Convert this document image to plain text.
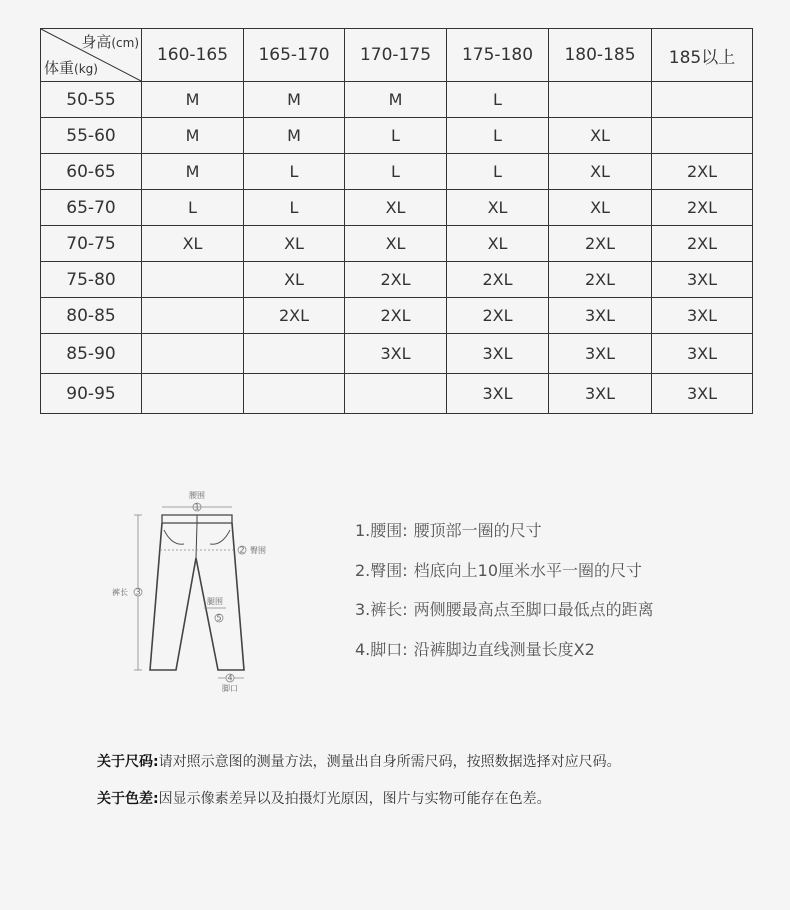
身高(cm)
体重(kg)	160-165	165-170	170-175	175-180	180-185	185以上
50-55	M	M	M	L		
55-60	M	M	L	L	XL	
60-65	M	L	L	L	XL	2XL
65-70	L	L	XL	XL	XL	2XL
70-75	XL	XL	XL	XL	2XL	2XL
75-80		XL	2XL	2XL	2XL	3XL
80-85		2XL	2XL	2XL	3XL	3XL
85-90			3XL	3XL	3XL	3XL
90-95				3XL	3XL	3XL
腰围
1
2 臀围
裤长 3
腿围
5
4
脚口
1.腰围: 腰顶部一圈的尺寸
2.臀围: 档底向上10厘米水平一圈的尺寸
3.裤长: 两侧腰最高点至脚口最低点的距离
4.脚口: 沿裤脚边直线测量长度X2
关于尺码:请对照示意图的测量方法，测量出自身所需尺码，按照数据选择对应尺码。
关于色差:因显示像素差异以及拍摄灯光原因，图片与实物可能存在色差。
